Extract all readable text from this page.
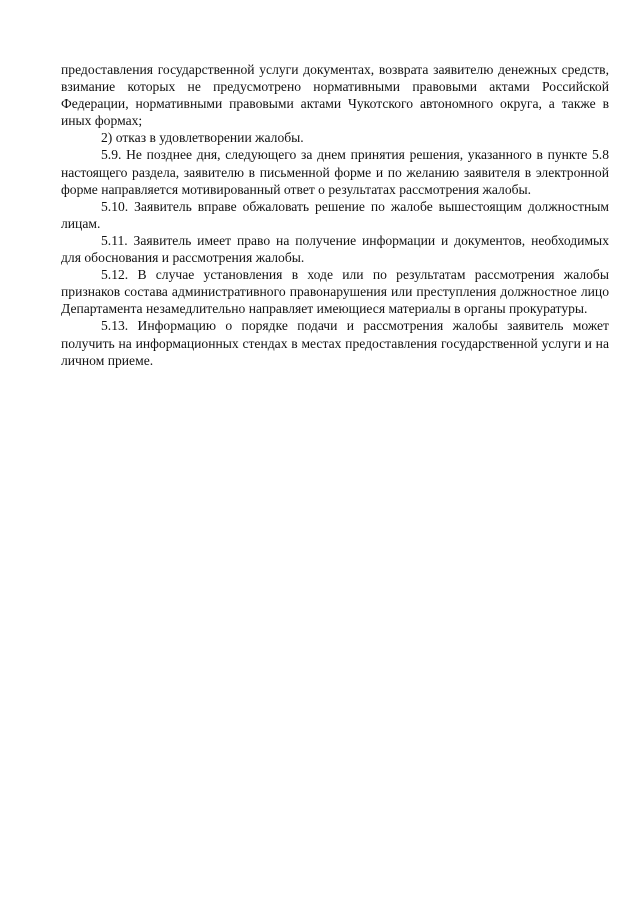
предоставления государственной услуги документах, возврата заявителю денежных средств, взимание которых не предусмотрено нормативными правовыми актами Российской Федерации, нормативными правовыми актами Чукотского автономного округа, а также в иных формах;

2) отказ в удовлетворении жалобы.

5.9. Не позднее дня, следующего за днем принятия решения, указанного в пункте 5.8 настоящего раздела, заявителю в письменной форме и по желанию заявителя в электронной форме направляется мотивированный ответ о результатах рассмотрения жалобы.

5.10. Заявитель вправе обжаловать решение по жалобе вышестоящим должностным лицам.

5.11. Заявитель имеет право на получение информации и документов, необходимых для обоснования и рассмотрения жалобы.

5.12. В случае установления в ходе или по результатам рассмотрения жалобы признаков состава административного правонарушения или преступления должностное лицо Департамента незамедлительно направляет имеющиеся материалы в органы прокуратуры.

5.13. Информацию о порядке подачи и рассмотрения жалобы заявитель может получить на информационных стендах в местах предоставления государственной услуги и на личном приеме.
